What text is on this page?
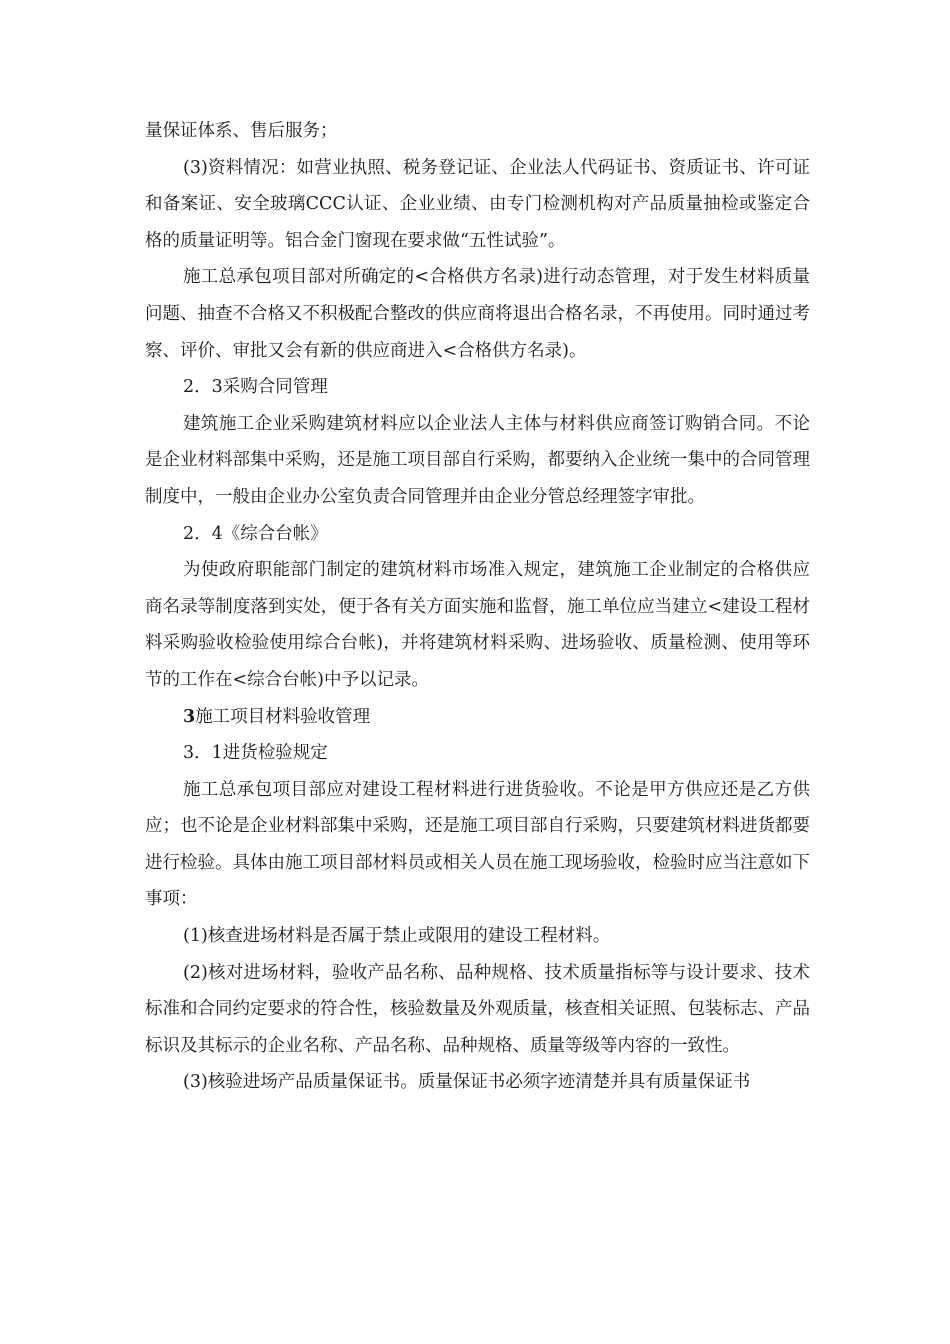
量保证体系、售后服务；

(3)资料情况：如营业执照、税务登记证、企业法人代码证书、资质证书、许可证和备案证、安全玻璃CCC认证、企业业绩、由专门检测机构对产品质量抽检或鉴定合格的质量证明等。铝合金门窗现在要求做“五性试验”。

施工总承包项目部对所确定的<合格供方名录)进行动态管理，对于发生材料质量问题、抽查不合格又不积极配合整改的供应商将退出合格名录，不再使用。同时通过考察、评价、审批又会有新的供应商进入<合格供方名录)。

2．3采购合同管理

建筑施工企业采购建筑材料应以企业法人主体与材料供应商签订购销合同。不论是企业材料部集中采购，还是施工项目部自行采购，都要纳入企业统一集中的合同管理制度中，一般由企业办公室负责合同管理并由企业分管总经理签字审批。

2．4《综合台帐》

为使政府职能部门制定的建筑材料市场准入规定，建筑施工企业制定的合格供应商名录等制度落到实处，便于各有关方面实施和监督，施工单位应当建立<建设工程材料采购验收检验使用综合台帐)，并将建筑材料采购、进场验收、质量检测、使用等环节的工作在<综合台帐)中予以记录。

3施工项目材料验收管理

3．1进货检验规定

施工总承包项目部应对建设工程材料进行进货验收。不论是甲方供应还是乙方供应；也不论是企业材料部集中采购，还是施工项目部自行采购，只要建筑材料进货都要进行检验。具体由施工项目部材料员或相关人员在施工现场验收，检验时应当注意如下事项：

(1)核查进场材料是否属于禁止或限用的建设工程材料。

(2)核对进场材料，验收产品名称、品种规格、技术质量指标等与设计要求、技术标准和合同约定要求的符合性，核验数量及外观质量，核查相关证照、包装标志、产品标识及其标示的企业名称、产品名称、品种规格、质量等级等内容的一致性。

(3)核验进场产品质量保证书。质量保证书必须字迹清楚并具有质量保证书
